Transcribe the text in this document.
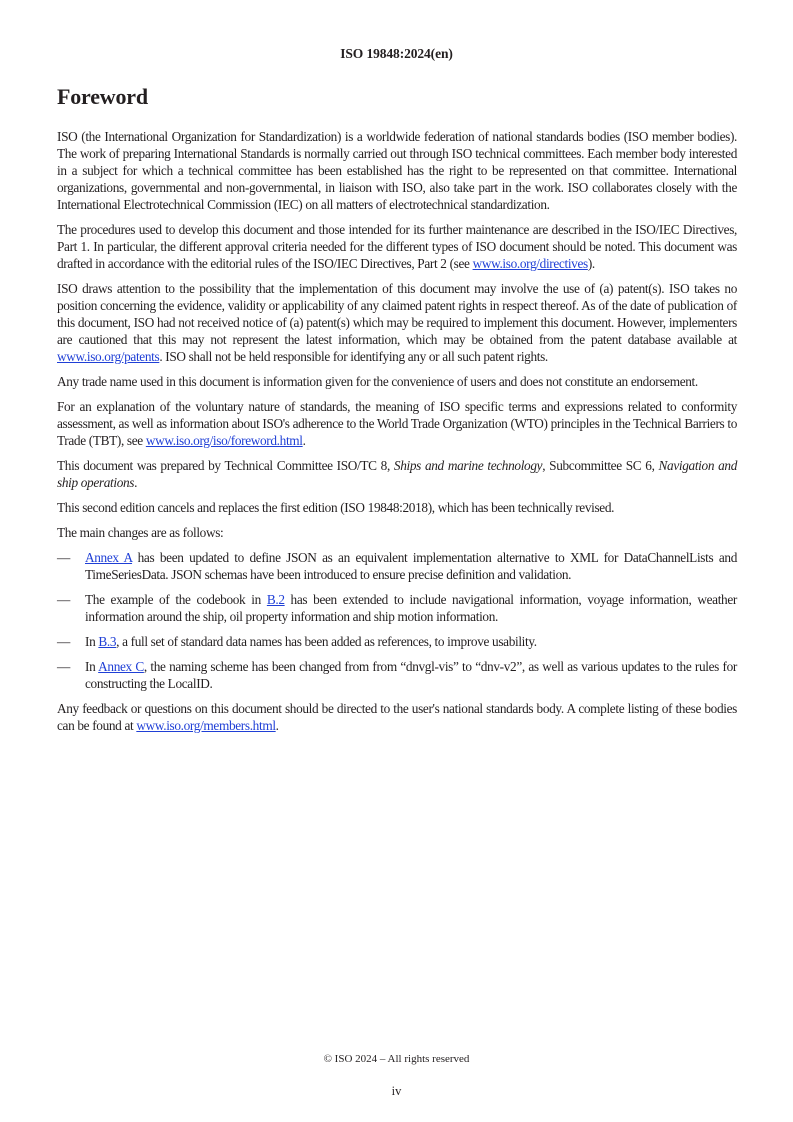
ISO 19848:2024(en)
Foreword

ISO (the International Organization for Standardization) is a worldwide federation of national standards bodies (ISO member bodies). The work of preparing International Standards is normally carried out through ISO technical committees. Each member body interested in a subject for which a technical committee has been established has the right to be represented on that committee. International organizations, governmental and non-governmental, in liaison with ISO, also take part in the work. ISO collaborates closely with the International Electrotechnical Commission (IEC) on all matters of electrotechnical standardization.

The procedures used to develop this document and those intended for its further maintenance are described in the ISO/IEC Directives, Part 1. In particular, the different approval criteria needed for the different types of ISO document should be noted. This document was drafted in accordance with the editorial rules of the ISO/IEC Directives, Part 2 (see www.iso.org/directives).

ISO draws attention to the possibility that the implementation of this document may involve the use of (a) patent(s). ISO takes no position concerning the evidence, validity or applicability of any claimed patent rights in respect thereof. As of the date of publication of this document, ISO had not received notice of (a) patent(s) which may be required to implement this document. However, implementers are cautioned that this may not represent the latest information, which may be obtained from the patent database available at www.iso.org/patents. ISO shall not be held responsible for identifying any or all such patent rights.

Any trade name used in this document is information given for the convenience of users and does not constitute an endorsement.

For an explanation of the voluntary nature of standards, the meaning of ISO specific terms and expressions related to conformity assessment, as well as information about ISO's adherence to the World Trade Organization (WTO) principles in the Technical Barriers to Trade (TBT), see www.iso.org/iso/foreword.html.

This document was prepared by Technical Committee ISO/TC 8, Ships and marine technology, Subcommittee SC 6, Navigation and ship operations.

This second edition cancels and replaces the first edition (ISO 19848:2018), which has been technically revised.

The main changes are as follows:

— Annex A has been updated to define JSON as an equivalent implementation alternative to XML for DataChannelLists and TimeSeriesData. JSON schemas have been introduced to ensure precise definition and validation.
— The example of the codebook in B.2 has been extended to include navigational information, voyage information, weather information around the ship, oil property information and ship motion information.
— In B.3, a full set of standard data names has been added as references, to improve usability.
— In Annex C, the naming scheme has been changed from from “dnvgl-vis” to “dnv-v2”, as well as various updates to the rules for constructing the LocalID.

Any feedback or questions on this document should be directed to the user's national standards body. A complete listing of these bodies can be found at www.iso.org/members.html.

© ISO 2024 – All rights reserved
iv
